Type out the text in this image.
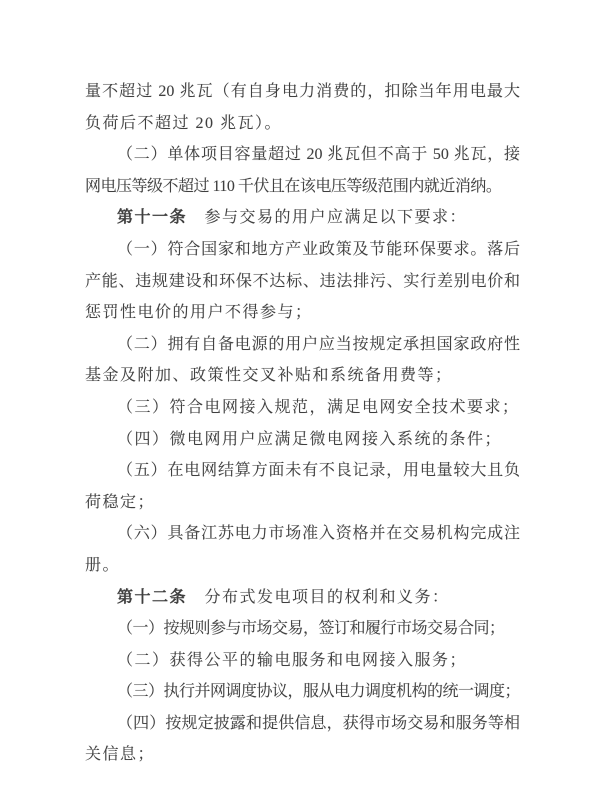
量不超过 20 兆瓦（有自身电力消费的，扣除当年用电最大
负荷后不超过 20 兆瓦）。
（二）单体项目容量超过 20 兆瓦但不高于 50 兆瓦，接
网电压等级不超过 110 千伏且在该电压等级范围内就近消纳。
第十一条　参与交易的用户应满足以下要求：
（一）符合国家和地方产业政策及节能环保要求。落后
产能、违规建设和环保不达标、违法排污、实行差别电价和
惩罚性电价的用户不得参与；
（二）拥有自备电源的用户应当按规定承担国家政府性
基金及附加、政策性交叉补贴和系统备用费等；
（三）符合电网接入规范，满足电网安全技术要求；
（四）微电网用户应满足微电网接入系统的条件；
（五）在电网结算方面未有不良记录，用电量较大且负
荷稳定；
（六）具备江苏电力市场准入资格并在交易机构完成注
册。
第十二条　分布式发电项目的权利和义务：
（一）按规则参与市场交易，签订和履行市场交易合同；
（二）获得公平的输电服务和电网接入服务；
（三）执行并网调度协议，服从电力调度机构的统一调度；
（四）按规定披露和提供信息，获得市场交易和服务等相
关信息；
